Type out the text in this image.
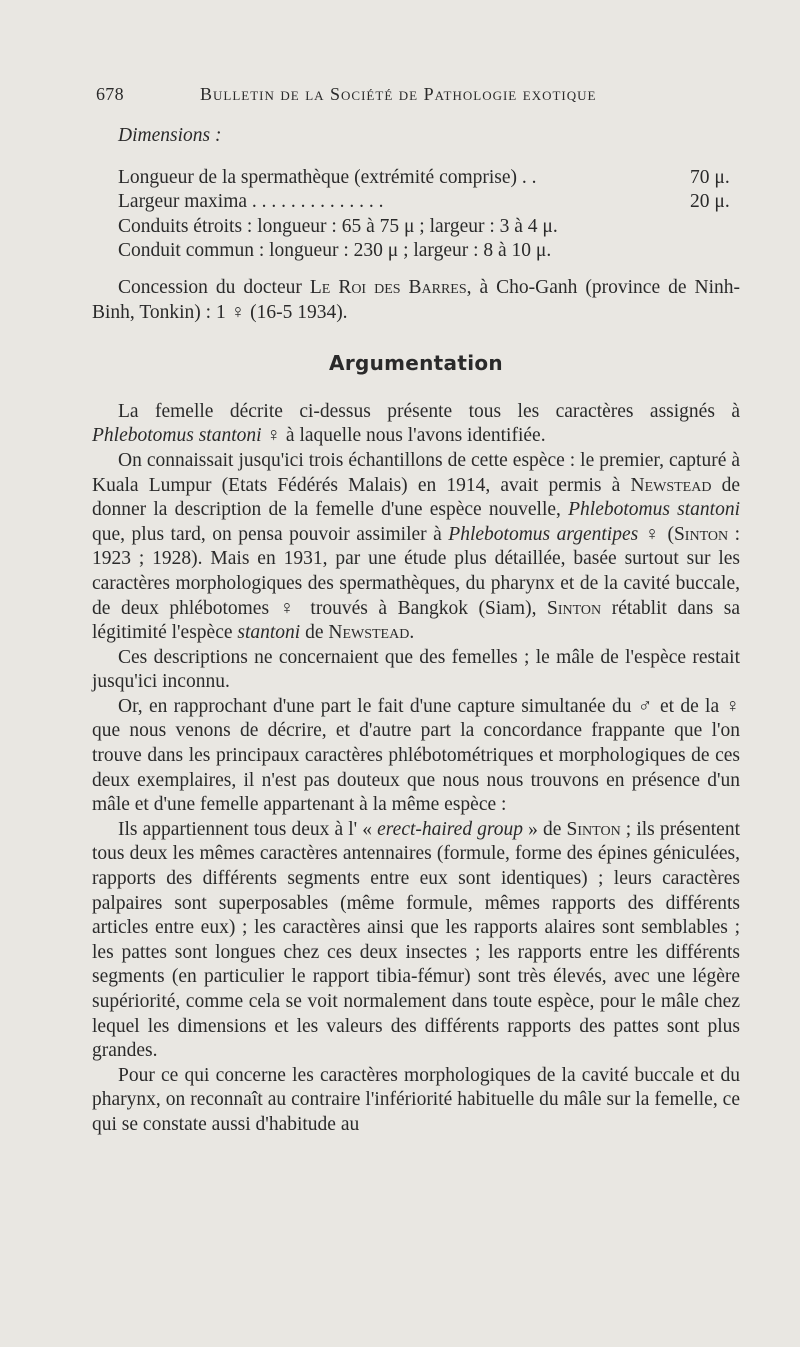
678	Bulletin de la Société de Pathologie exotique
Dimensions :
Longueur de la spermathèque (extrémité comprise) . .	70 μ.
Largeur maxima . . . . . . . . . . . . . .	20 μ.
Conduits étroits : longueur : 65 à 75 μ ; largeur : 3 à 4 μ.
Conduit commun : longueur : 230 μ ; largeur : 8 à 10 μ.

Concession du docteur Le Roi des Barres, à Cho-Ganh (province de Ninh-Binh, Tonkin) : 1 ♀ (16-5 1934).

Argumentation

La femelle décrite ci-dessus présente tous les caractères assignés à Phlebotomus stantoni ♀ à laquelle nous l'avons identifiée.

On connaissait jusqu'ici trois échantillons de cette espèce : le premier, capturé à Kuala Lumpur (Etats Fédérés Malais) en 1914, avait permis à Newstead de donner la description de la femelle d'une espèce nouvelle, Phlebotomus stantoni que, plus tard, on pensa pouvoir assimiler à Phlebotomus argentipes ♀ (Sinton : 1923 ; 1928). Mais en 1931, par une étude plus détaillée, basée surtout sur les caractères morphologiques des spermathèques, du pharynx et de la cavité buccale, de deux phlébotomes ♀ trouvés à Bangkok (Siam), Sinton rétablit dans sa légitimité l'espèce stantoni de Newstead.

Ces descriptions ne concernaient que des femelles ; le mâle de l'espèce restait jusqu'ici inconnu.

Or, en rapprochant d'une part le fait d'une capture simultanée du ♂ et de la ♀ que nous venons de décrire, et d'autre part la concordance frappante que l'on trouve dans les principaux caractères phlébotométriques et morphologiques de ces deux exemplaires, il n'est pas douteux que nous nous trouvons en présence d'un mâle et d'une femelle appartenant à la même espèce :

Ils appartiennent tous deux à l' « erect-haired group » de Sinton ; ils présentent tous deux les mêmes caractères antennaires (formule, forme des épines géniculées, rapports des différents segments entre eux sont identiques) ; leurs caractères palpaires sont superposables (même formule, mêmes rapports des différents articles entre eux) ; les caractères ainsi que les rapports alaires sont semblables ; les pattes sont longues chez ces deux insectes ; les rapports entre les différents segments (en particulier le rapport tibia-fémur) sont très élevés, avec une légère supériorité, comme cela se voit normalement dans toute espèce, pour le mâle chez lequel les dimensions et les valeurs des différents rapports des pattes sont plus grandes.

Pour ce qui concerne les caractères morphologiques de la cavité buccale et du pharynx, on reconnaît au contraire l'infériorité habituelle du mâle sur la femelle, ce qui se constate aussi d'habitude au
